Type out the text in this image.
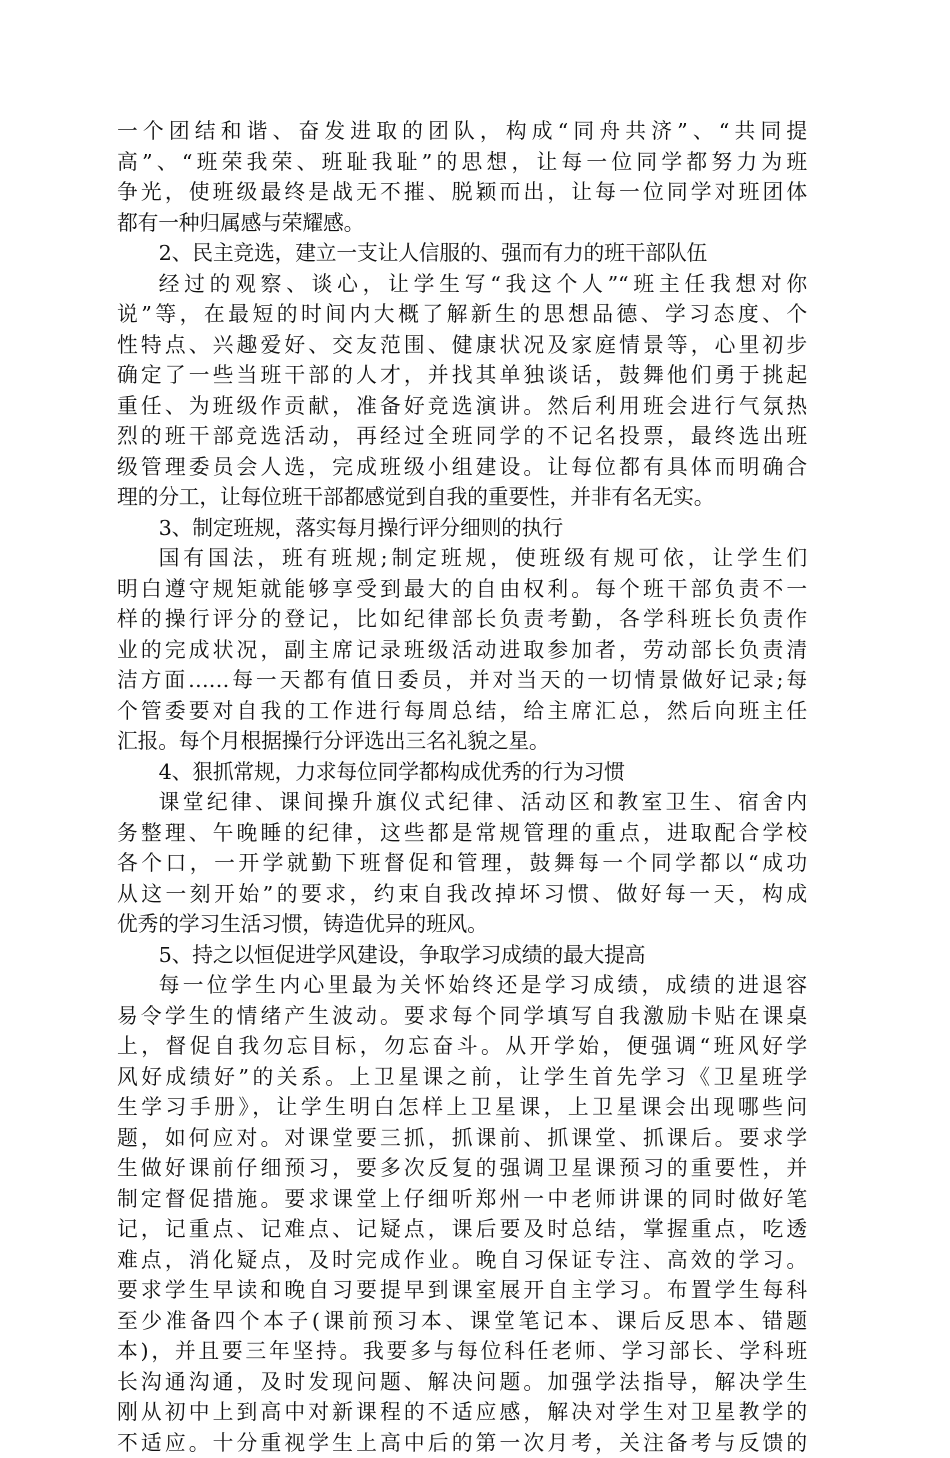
一个团结和谐、奋发进取的团队，构成“同舟共济”、“共同提
高”、“班荣我荣、班耻我耻”的思想，让每一位同学都努力为班
争光，使班级最终是战无不摧、脱颖而出，让每一位同学对班团体
都有一种归属感与荣耀感。
2、民主竞选，建立一支让人信服的、强而有力的班干部队伍
经过的观察、谈心，让学生写“我这个人”“班主任我想对你
说”等，在最短的时间内大概了解新生的思想品德、学习态度、个
性特点、兴趣爱好、交友范围、健康状况及家庭情景等，心里初步
确定了一些当班干部的人才，并找其单独谈话，鼓舞他们勇于挑起
重任、为班级作贡献，准备好竞选演讲。然后利用班会进行气氛热
烈的班干部竞选活动，再经过全班同学的不记名投票，最终选出班
级管理委员会人选，完成班级小组建设。让每位都有具体而明确合
理的分工，让每位班干部都感觉到自我的重要性，并非有名无实。
3、制定班规，落实每月操行评分细则的执行
国有国法，班有班规;制定班规，使班级有规可依，让学生们
明白遵守规矩就能够享受到最大的自由权利。每个班干部负责不一
样的操行评分的登记，比如纪律部长负责考勤，各学科班长负责作
业的完成状况，副主席记录班级活动进取参加者，劳动部长负责清
洁方面……每一天都有值日委员，并对当天的一切情景做好记录;每
个管委要对自我的工作进行每周总结，给主席汇总，然后向班主任
汇报。每个月根据操行分评选出三名礼貌之星。
4、狠抓常规，力求每位同学都构成优秀的行为习惯
课堂纪律、课间操升旗仪式纪律、活动区和教室卫生、宿舍内
务整理、午晚睡的纪律，这些都是常规管理的重点，进取配合学校
各个口，一开学就勤下班督促和管理，鼓舞每一个同学都以“成功
从这一刻开始”的要求，约束自我改掉坏习惯、做好每一天，构成
优秀的学习生活习惯，铸造优异的班风。
5、持之以恒促进学风建设，争取学习成绩的最大提高
每一位学生内心里最为关怀始终还是学习成绩，成绩的进退容
易令学生的情绪产生波动。要求每个同学填写自我激励卡贴在课桌
上，督促自我勿忘目标，勿忘奋斗。从开学始，便强调“班风好学
风好成绩好”的关系。上卫星课之前，让学生首先学习《卫星班学
生学习手册》，让学生明白怎样上卫星课，上卫星课会出现哪些问
题，如何应对。对课堂要三抓，抓课前、抓课堂、抓课后。要求学
生做好课前仔细预习，要多次反复的强调卫星课预习的重要性，并
制定督促措施。要求课堂上仔细听郑州一中老师讲课的同时做好笔
记，记重点、记难点、记疑点，课后要及时总结，掌握重点，吃透
难点，消化疑点，及时完成作业。晚自习保证专注、高效的学习。
要求学生早读和晚自习要提早到课室展开自主学习。布置学生每科
至少准备四个本子(课前预习本、课堂笔记本、课后反思本、错题
本)，并且要三年坚持。我要多与每位科任老师、学习部长、学科班
长沟通沟通，及时发现问题、解决问题。加强学法指导，解决学生
刚从初中上到高中对新课程的不适应感，解决对学生对卫星教学的
不适应。十分重视学生上高中后的第一次月考，关注备考与反馈的
